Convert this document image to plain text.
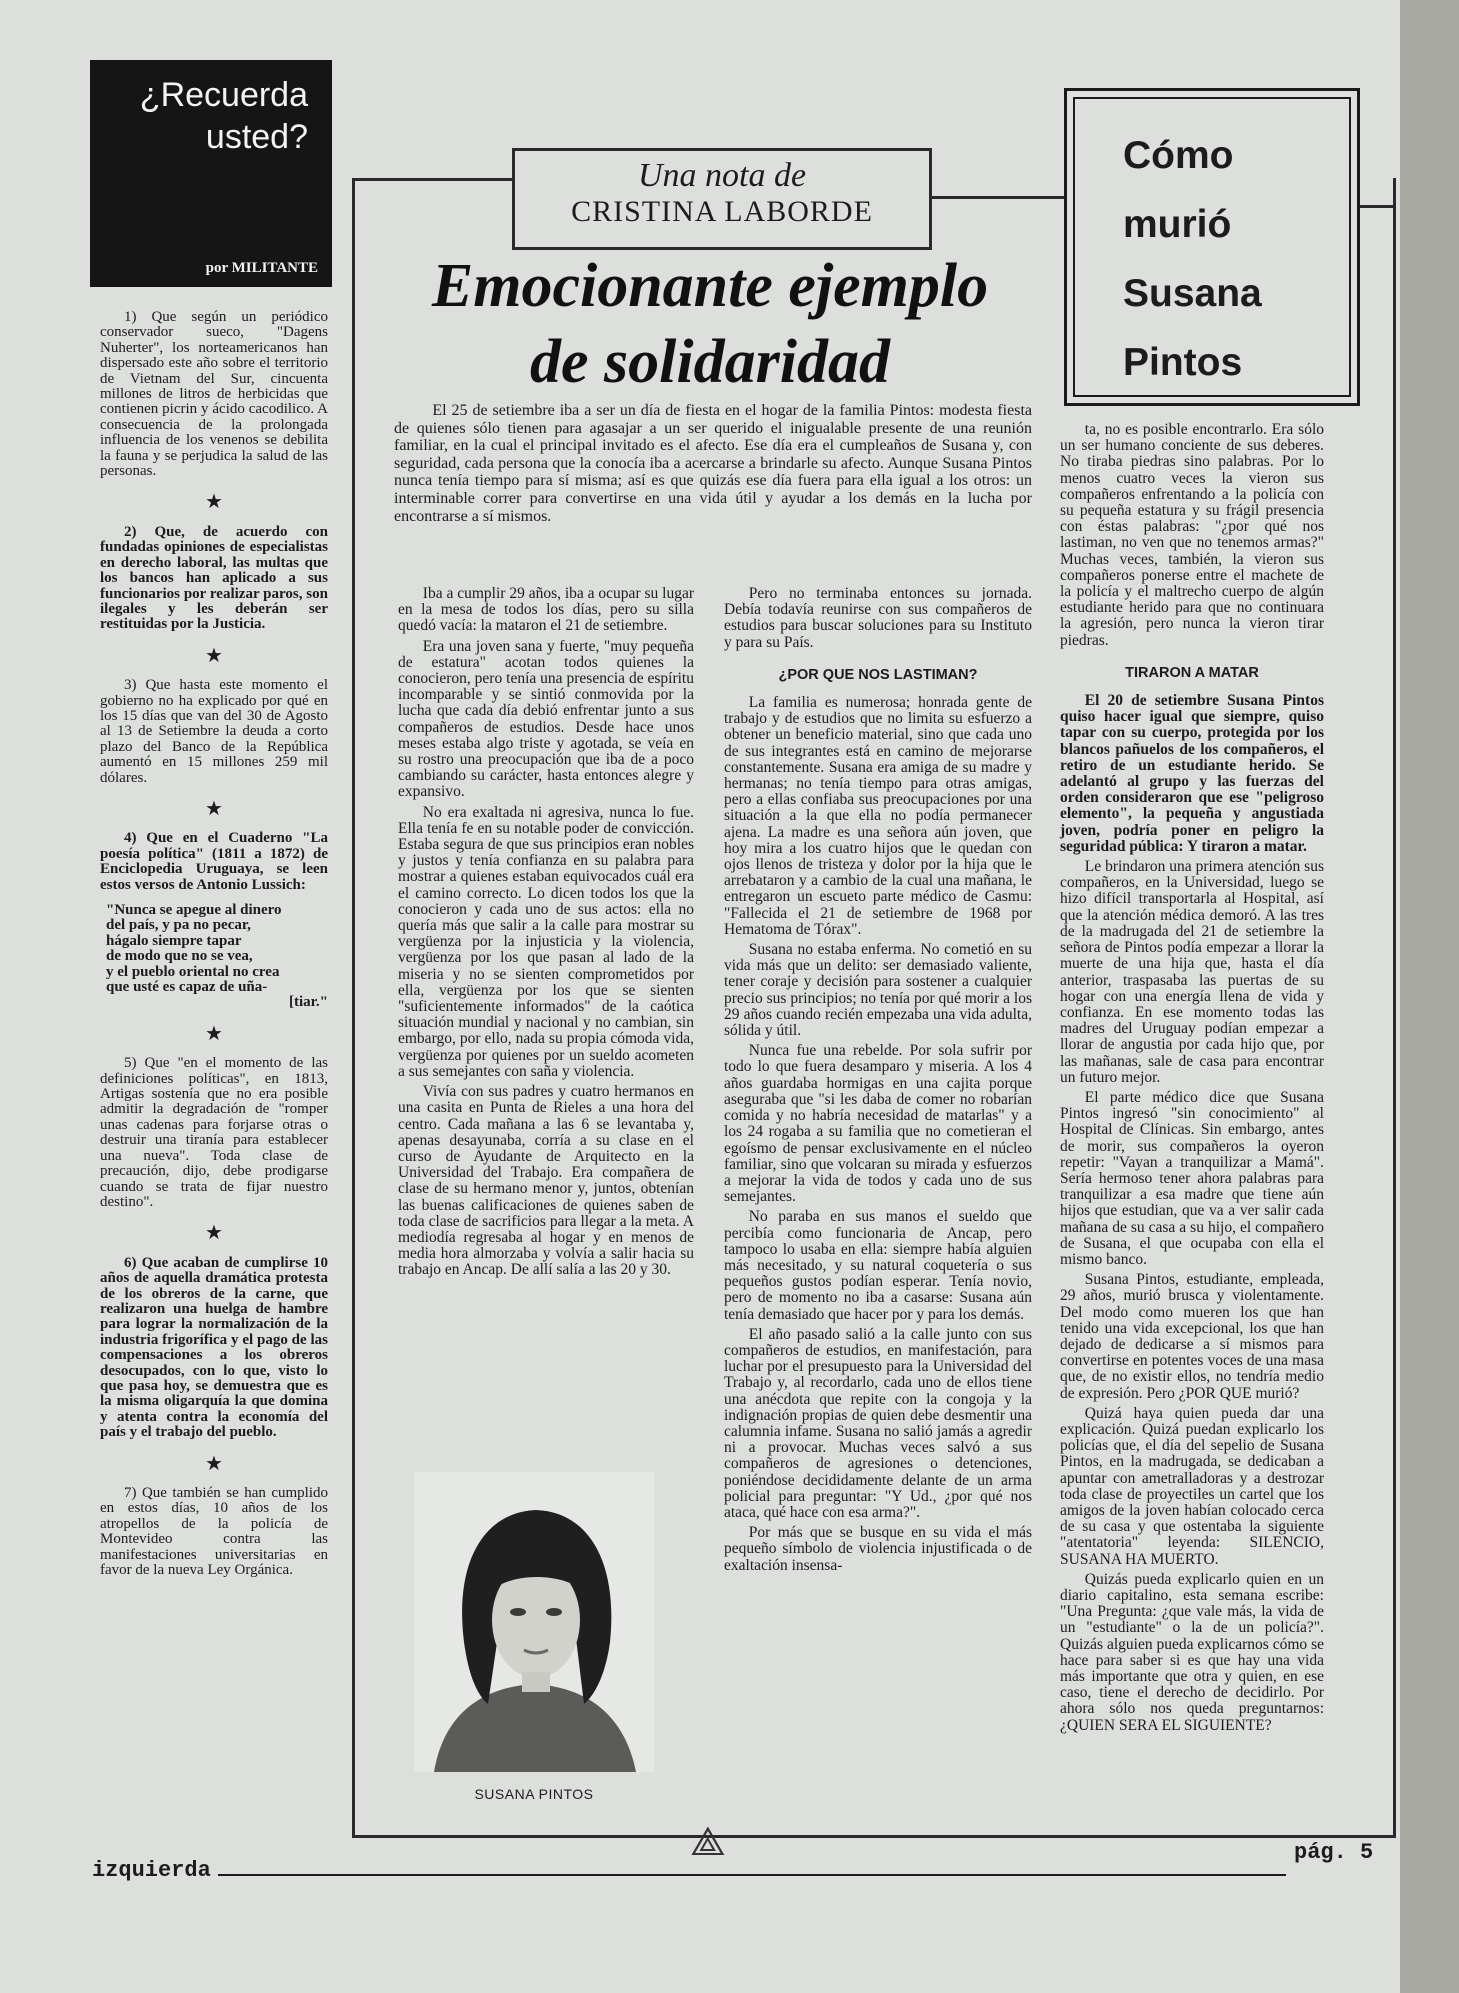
¿Recuerda usted?
por MILITANTE

1) Que según un periódico conservador sueco, "Dagens Nuherter", los norteamericanos han dispersado este año sobre el territorio de Vietnam del Sur, cincuenta millones de litros de herbicidas que contienen picrin y ácido cacodilico. A consecuencia de la prolongada influencia de los venenos se debilita la fauna y se perjudica la salud de las personas.

★

2) Que, de acuerdo con fundadas opiniones de especialistas en derecho laboral, las multas que los bancos han aplicado a sus funcionarios por realizar paros, son ilegales y les deberán ser restituidas por la Justicia.

★

3) Que hasta este momento el gobierno no ha explicado por qué en los 15 días que van del 30 de Agosto al 13 de Setiembre la deuda a corto plazo del Banco de la República aumentó en 15 millones 259 mil dólares.

★

4) Que en el Cuaderno "La poesía política" (1811 a 1872) de Enciclopedia Uruguaya, se leen estos versos de Antonio Lussich:

"Nunca se apegue al dinero
del país, y pa no pecar,
hágalo siempre tapar
de modo que no se vea,
y el pueblo oriental no crea
que usté es capaz de uña-
[tiar."
★

5) Que "en el momento de las definiciones políticas", en 1813, Artigas sostenía que no era posible admitir la degradación de "romper unas cadenas para forjarse otras o destruir una tiranía para establecer una nueva". Toda clase de precaución, dijo, debe prodigarse cuando se trata de fijar nuestro destino".

★

6) Que acaban de cumplirse 10 años de aquella dramática protesta de los obreros de la carne, que realizaron una huelga de hambre para lograr la normalización de la industria frigorífica y el pago de las compensaciones a los obreros desocupados, con lo que, visto lo que pasa hoy, se demuestra que es la misma oligarquía la que domina y atenta contra la economía del país y el trabajo del pueblo.

★

7) Que también se han cumplido en estos días, 10 años de los atropellos de la policía de Montevideo contra las manifestaciones universitarias en favor de la nueva Ley Orgánica.

Una nota de
CRISTINA LABORDE
Cómo murió Susana Pintos
Emocionante ejemplo de solidaridad

El 25 de setiembre iba a ser un día de fiesta en el hogar de la familia Pintos: modesta fiesta de quienes sólo tienen para agasajar a un ser querido el inigualable presente de una reunión familiar, en la cual el principal invitado es el afecto. Ese día era el cumpleaños de Susana y, con seguridad, cada persona que la conocía iba a acercarse a brindarle su afecto. Aunque Susana Pintos nunca tenía tiempo para sí misma; así es que quizás ese día fuera para ella igual a los otros: un interminable correr para convertirse en una vida útil y ayudar a los demás en la lucha por encontrarse a sí mismos.

Iba a cumplir 29 años, iba a ocupar su lugar en la mesa de todos los días, pero su silla quedó vacía: la mataron el 21 de setiembre.

Era una joven sana y fuerte, "muy pequeña de estatura" acotan todos quienes la conocieron, pero tenía una presencia de espíritu incomparable y se sintió conmovida por la lucha que cada día debió enfrentar junto a sus compañeros de estudios. Desde hace unos meses estaba algo triste y agotada, se veía en su rostro una preocupación que iba de a poco cambiando su carácter, hasta entonces alegre y expansivo.

No era exaltada ni agresiva, nunca lo fue. Ella tenía fe en su notable poder de convicción. Estaba segura de que sus principios eran nobles y justos y tenía confianza en su palabra para mostrar a quienes estaban equivocados cuál era el camino correcto. Lo dicen todos los que la conocieron y cada uno de sus actos: ella no quería más que salir a la calle para mostrar su vergüenza por la injusticia y la violencia, vergüenza por los que pasan al lado de la miseria y no se sienten comprometidos por ella, vergüenza por los que se sienten "suficientemente informados" de la caótica situación mundial y nacional y no cambian, sin embargo, por ello, nada su propia cómoda vida, vergüenza por quienes por un sueldo acometen a sus semejantes con saña y violencia.

Vivía con sus padres y cuatro hermanos en una casita en Punta de Rieles a una hora del centro. Cada mañana a las 6 se levantaba y, apenas desayunaba, corría a su clase en el curso de Ayudante de Arquitecto en la Universidad del Trabajo. Era compañera de clase de su hermano menor y, juntos, obtenían las buenas calificaciones de quienes saben de toda clase de sacrificios para llegar a la meta. A mediodía regresaba al hogar y en menos de media hora almorzaba y volvía a salir hacia su trabajo en Ancap. De allí salía a las 20 y 30.

Pero no terminaba entonces su jornada. Debía todavía reunirse con sus compañeros de estudios para buscar soluciones para su Instituto y para su País.

¿POR QUE NOS LASTIMAN?

La familia es numerosa; honrada gente de trabajo y de estudios que no limita su esfuerzo a obtener un beneficio material, sino que cada uno de sus integrantes está en camino de mejorarse constantemente. Susana era amiga de su madre y hermanas; no tenía tiempo para otras amigas, pero a ellas confiaba sus preocupaciones por una situación a la que ella no podía permanecer ajena. La madre es una señora aún joven, que hoy mira a los cuatro hijos que le quedan con ojos llenos de tristeza y dolor por la hija que le arrebataron y a cambio de la cual una mañana, le entregaron un escueto parte médico de Casmu: "Fallecida el 21 de setiembre de 1968 por Hematoma de Tórax".

Susana no estaba enferma. No cometió en su vida más que un delito: ser demasiado valiente, tener coraje y decisión para sostener a cualquier precio sus principios; no tenía por qué morir a los 29 años cuando recién empezaba una vida adulta, sólida y útil.

Nunca fue una rebelde. Por sola sufrir por todo lo que fuera desamparo y miseria. A los 4 años guardaba hormigas en una cajita porque aseguraba que "si les daba de comer no robarían comida y no habría necesidad de matarlas" y a los 24 rogaba a su familia que no cometieran el egoísmo de pensar exclusivamente en el núcleo familiar, sino que volcaran su mirada y esfuerzos a mejorar la vida de todos y cada uno de sus semejantes.

No paraba en sus manos el sueldo que percibía como funcionaria de Ancap, pero tampoco lo usaba en ella: siempre había alguien más necesitado, y su natural coquetería o sus pequeños gustos podían esperar. Tenía novio, pero de momento no iba a casarse: Susana aún tenía demasiado que hacer por y para los demás.

El año pasado salió a la calle junto con sus compañeros de estudios, en manifestación, para luchar por el presupuesto para la Universidad del Trabajo y, al recordarlo, cada uno de ellos tiene una anécdota que repite con la congoja y la indignación propias de quien debe desmentir una calumnia infame. Susana no salió jamás a agredir ni a provocar. Muchas veces salvó a sus compañeros de agresiones o detenciones, poniéndose decididamente delante de un arma policial para preguntar: "Y Ud., ¿por qué nos ataca, qué hace con esa arma?".

Por más que se busque en su vida el más pequeño símbolo de violencia injustificada o de exaltación insensa-

ta, no es posible encontrarlo. Era sólo un ser humano conciente de sus deberes. No tiraba piedras sino palabras. Por lo menos cuatro veces la vieron sus compañeros enfrentando a la policía con su pequeña estatura y su frágil presencia con éstas palabras: "¿por qué nos lastiman, no ven que no tenemos armas?" Muchas veces, también, la vieron sus compañeros ponerse entre el machete de la policía y el maltrecho cuerpo de algún estudiante herido para que no continuara la agresión, pero nunca la vieron tirar piedras.

TIRARON A MATAR

El 20 de setiembre Susana Pintos quiso hacer igual que siempre, quiso tapar con su cuerpo, protegida por los blancos pañuelos de los compañeros, el retiro de un estudiante herido. Se adelantó al grupo y las fuerzas del orden consideraron que ese "peligroso elemento", la pequeña y angustiada joven, podría poner en peligro la seguridad pública: Y tiraron a matar.

Le brindaron una primera atención sus compañeros, en la Universidad, luego se hizo difícil transportarla al Hospital, así que la atención médica demoró. A las tres de la madrugada del 21 de setiembre la señora de Pintos podía empezar a llorar la muerte de una hija que, hasta el día anterior, traspasaba las puertas de su hogar con una energía llena de vida y confianza. En ese momento todas las madres del Uruguay podían empezar a llorar de angustia por cada hijo que, por las mañanas, sale de casa para encontrar un futuro mejor.

El parte médico dice que Susana Pintos ingresó "sin conocimiento" al Hospital de Clínicas. Sin embargo, antes de morir, sus compañeros la oyeron repetir: "Vayan a tranquilizar a Mamá". Sería hermoso tener ahora palabras para tranquilizar a esa madre que tiene aún hijos que estudian, que va a ver salir cada mañana de su casa a su hijo, el compañero de Susana, el que ocupaba con ella el mismo banco.

Susana Pintos, estudiante, empleada, 29 años, murió brusca y violentamente. Del modo como mueren los que han tenido una vida excepcional, los que han dejado de dedicarse a sí mismos para convertirse en potentes voces de una masa que, de no existir ellos, no tendría medio de expresión. Pero ¿POR QUE murió?

Quizá haya quien pueda dar una explicación. Quizá puedan explicarlo los policías que, el día del sepelio de Susana Pintos, en la madrugada, se dedicaban a apuntar con ametralladoras y a destrozar toda clase de proyectiles un cartel que los amigos de la joven habían colocado cerca de su casa y que ostentaba la siguiente "atentatoria" leyenda: SILENCIO, SUSANA HA MUERTO.

Quizás pueda explicarlo quien en un diario capitalino, esta semana escribe: "Una Pregunta: ¿que vale más, la vida de un "estudiante" o la de un policía?". Quizás alguien pueda explicarnos cómo se hace para saber si es que hay una vida más importante que otra y quien, en ese caso, tiene el derecho de decidirlo. Por ahora sólo nos queda preguntarnos: ¿QUIEN SERA EL SIGUIENTE?

SUSANA PINTOS
⟁
izquierda
pág. 5
